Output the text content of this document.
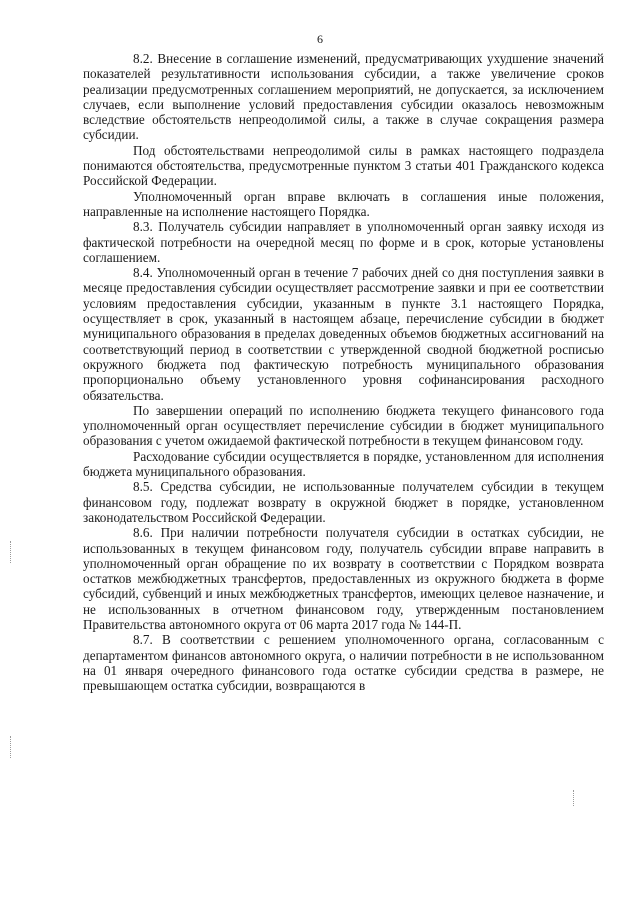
6

8.2. Внесение в соглашение изменений, предусматривающих ухудшение значений показателей результативности использования субсидии, а также увеличение сроков реализации предусмотренных соглашением мероприятий, не допускается, за исключением случаев, если выполнение условий предоставления субсидии оказалось невозможным вследствие обстоятельств непреодолимой силы, а также в случае сокращения размера субсидии.

Под обстоятельствами непреодолимой силы в рамках настоящего подраздела понимаются обстоятельства, предусмотренные пунктом 3 статьи 401 Гражданского кодекса Российской Федерации.

Уполномоченный орган вправе включать в соглашения иные положения, направленные на исполнение настоящего Порядка.

8.3. Получатель субсидии направляет в уполномоченный орган заявку исходя из фактической потребности на очередной месяц по форме и в срок, которые установлены соглашением.

8.4. Уполномоченный орган в течение 7 рабочих дней со дня поступления заявки в месяце предоставления субсидии осуществляет рассмотрение заявки и при ее соответствии условиям предоставления субсидии, указанным в пункте 3.1 настоящего Порядка, осуществляет в срок, указанный в настоящем абзаце, перечисление субсидии в бюджет муниципального образования в пределах доведенных объемов бюджетных ассигнований на соответствующий период в соответствии с утвержденной сводной бюджетной росписью окружного бюджета под фактическую потребность муниципального образования пропорционально объему установленного уровня софинансирования расходного обязательства.

По завершении операций по исполнению бюджета текущего финансового года уполномоченный орган осуществляет перечисление субсидии в бюджет муниципального образования с учетом ожидаемой фактической потребности в текущем финансовом году.

Расходование субсидии осуществляется в порядке, установленном для исполнения бюджета муниципального образования.

8.5. Средства субсидии, не использованные получателем субсидии в текущем финансовом году, подлежат возврату в окружной бюджет в порядке, установленном законодательством Российской Федерации.

8.6. При наличии потребности получателя субсидии в остатках субсидии, не использованных в текущем финансовом году, получатель субсидии вправе направить в уполномоченный орган обращение по их возврату в соответствии с Порядком возврата остатков межбюджетных трансфертов, предоставленных из окружного бюджета в форме субсидий, субвенций и иных межбюджетных трансфертов, имеющих целевое назначение, и не использованных в отчетном финансовом году, утвержденным постановлением Правительства автономного округа от 06 марта 2017 года № 144-П.

8.7. В соответствии с решением уполномоченного органа, согласованным с департаментом финансов автономного округа, о наличии потребности в не использованном на 01 января очередного финансового года остатке субсидии средства в размере, не превышающем остатка субсидии, возвращаются в
